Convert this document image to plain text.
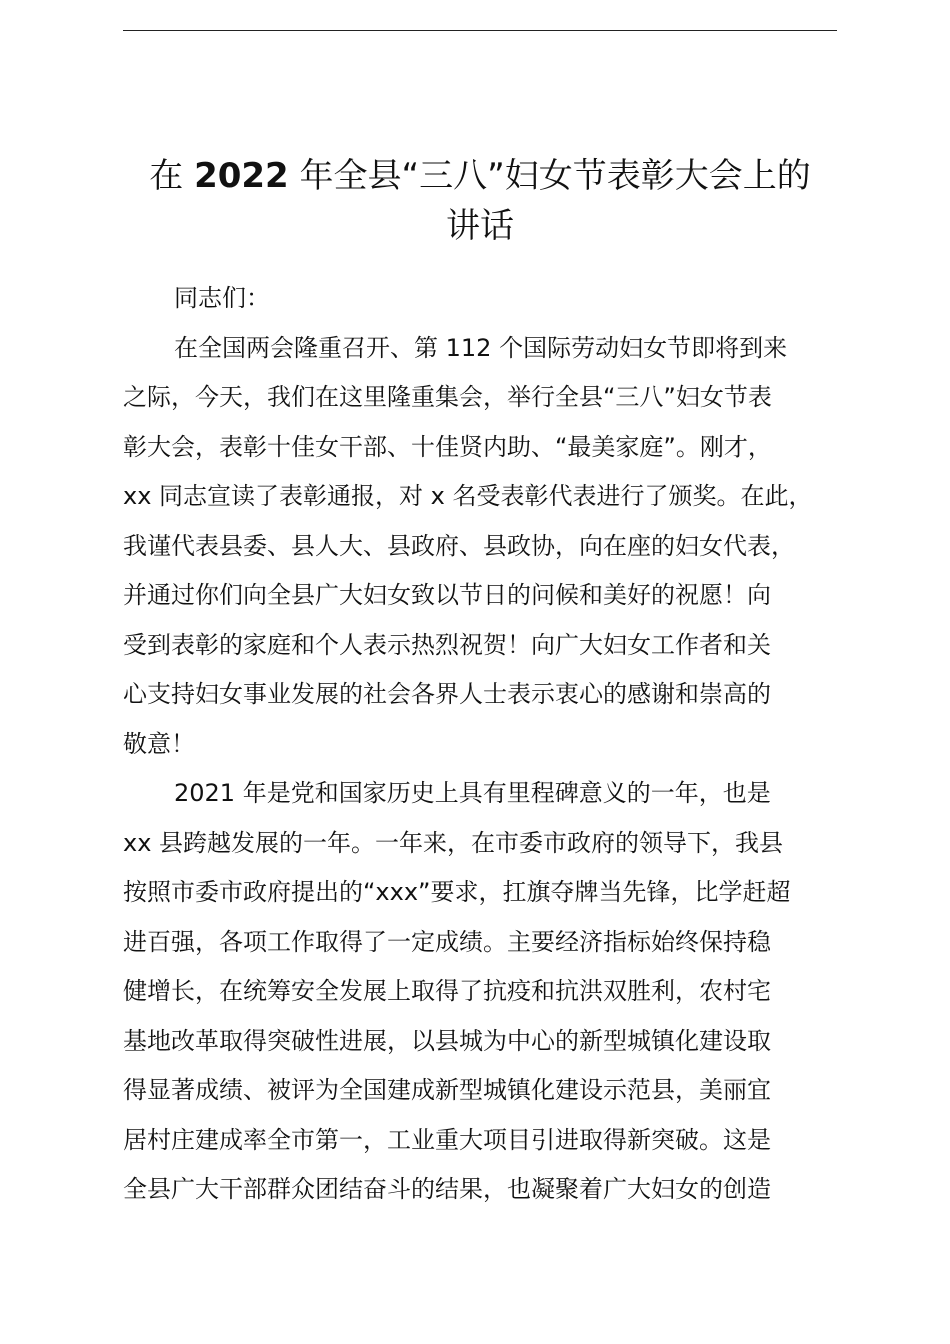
在 2022 年全县“三八”妇女节表彰大会上的
讲话
同志们：
在全国两会隆重召开、第 112 个国际劳动妇女节即将到来
之际，今天，我们在这里隆重集会，举行全县“三八”妇女节表
彰大会，表彰十佳女干部、十佳贤内助、“最美家庭”。刚才，
xx 同志宣读了表彰通报，对 x 名受表彰代表进行了颁奖。在此，
我谨代表县委、县人大、县政府、县政协，向在座的妇女代表，
并通过你们向全县广大妇女致以节日的问候和美好的祝愿！向
受到表彰的家庭和个人表示热烈祝贺！向广大妇女工作者和关
心支持妇女事业发展的社会各界人士表示衷心的感谢和崇高的
敬意！
2021 年是党和国家历史上具有里程碑意义的一年，也是
xx 县跨越发展的一年。一年来，在市委市政府的领导下，我县
按照市委市政府提出的“xxx”要求，扛旗夺牌当先锋，比学赶超
进百强，各项工作取得了一定成绩。主要经济指标始终保持稳
健增长，在统筹安全发展上取得了抗疫和抗洪双胜利，农村宅
基地改革取得突破性进展，以县城为中心的新型城镇化建设取
得显著成绩、被评为全国建成新型城镇化建设示范县，美丽宜
居村庄建成率全市第一，工业重大项目引进取得新突破。这是
全县广大干部群众团结奋斗的结果，也凝聚着广大妇女的创造
